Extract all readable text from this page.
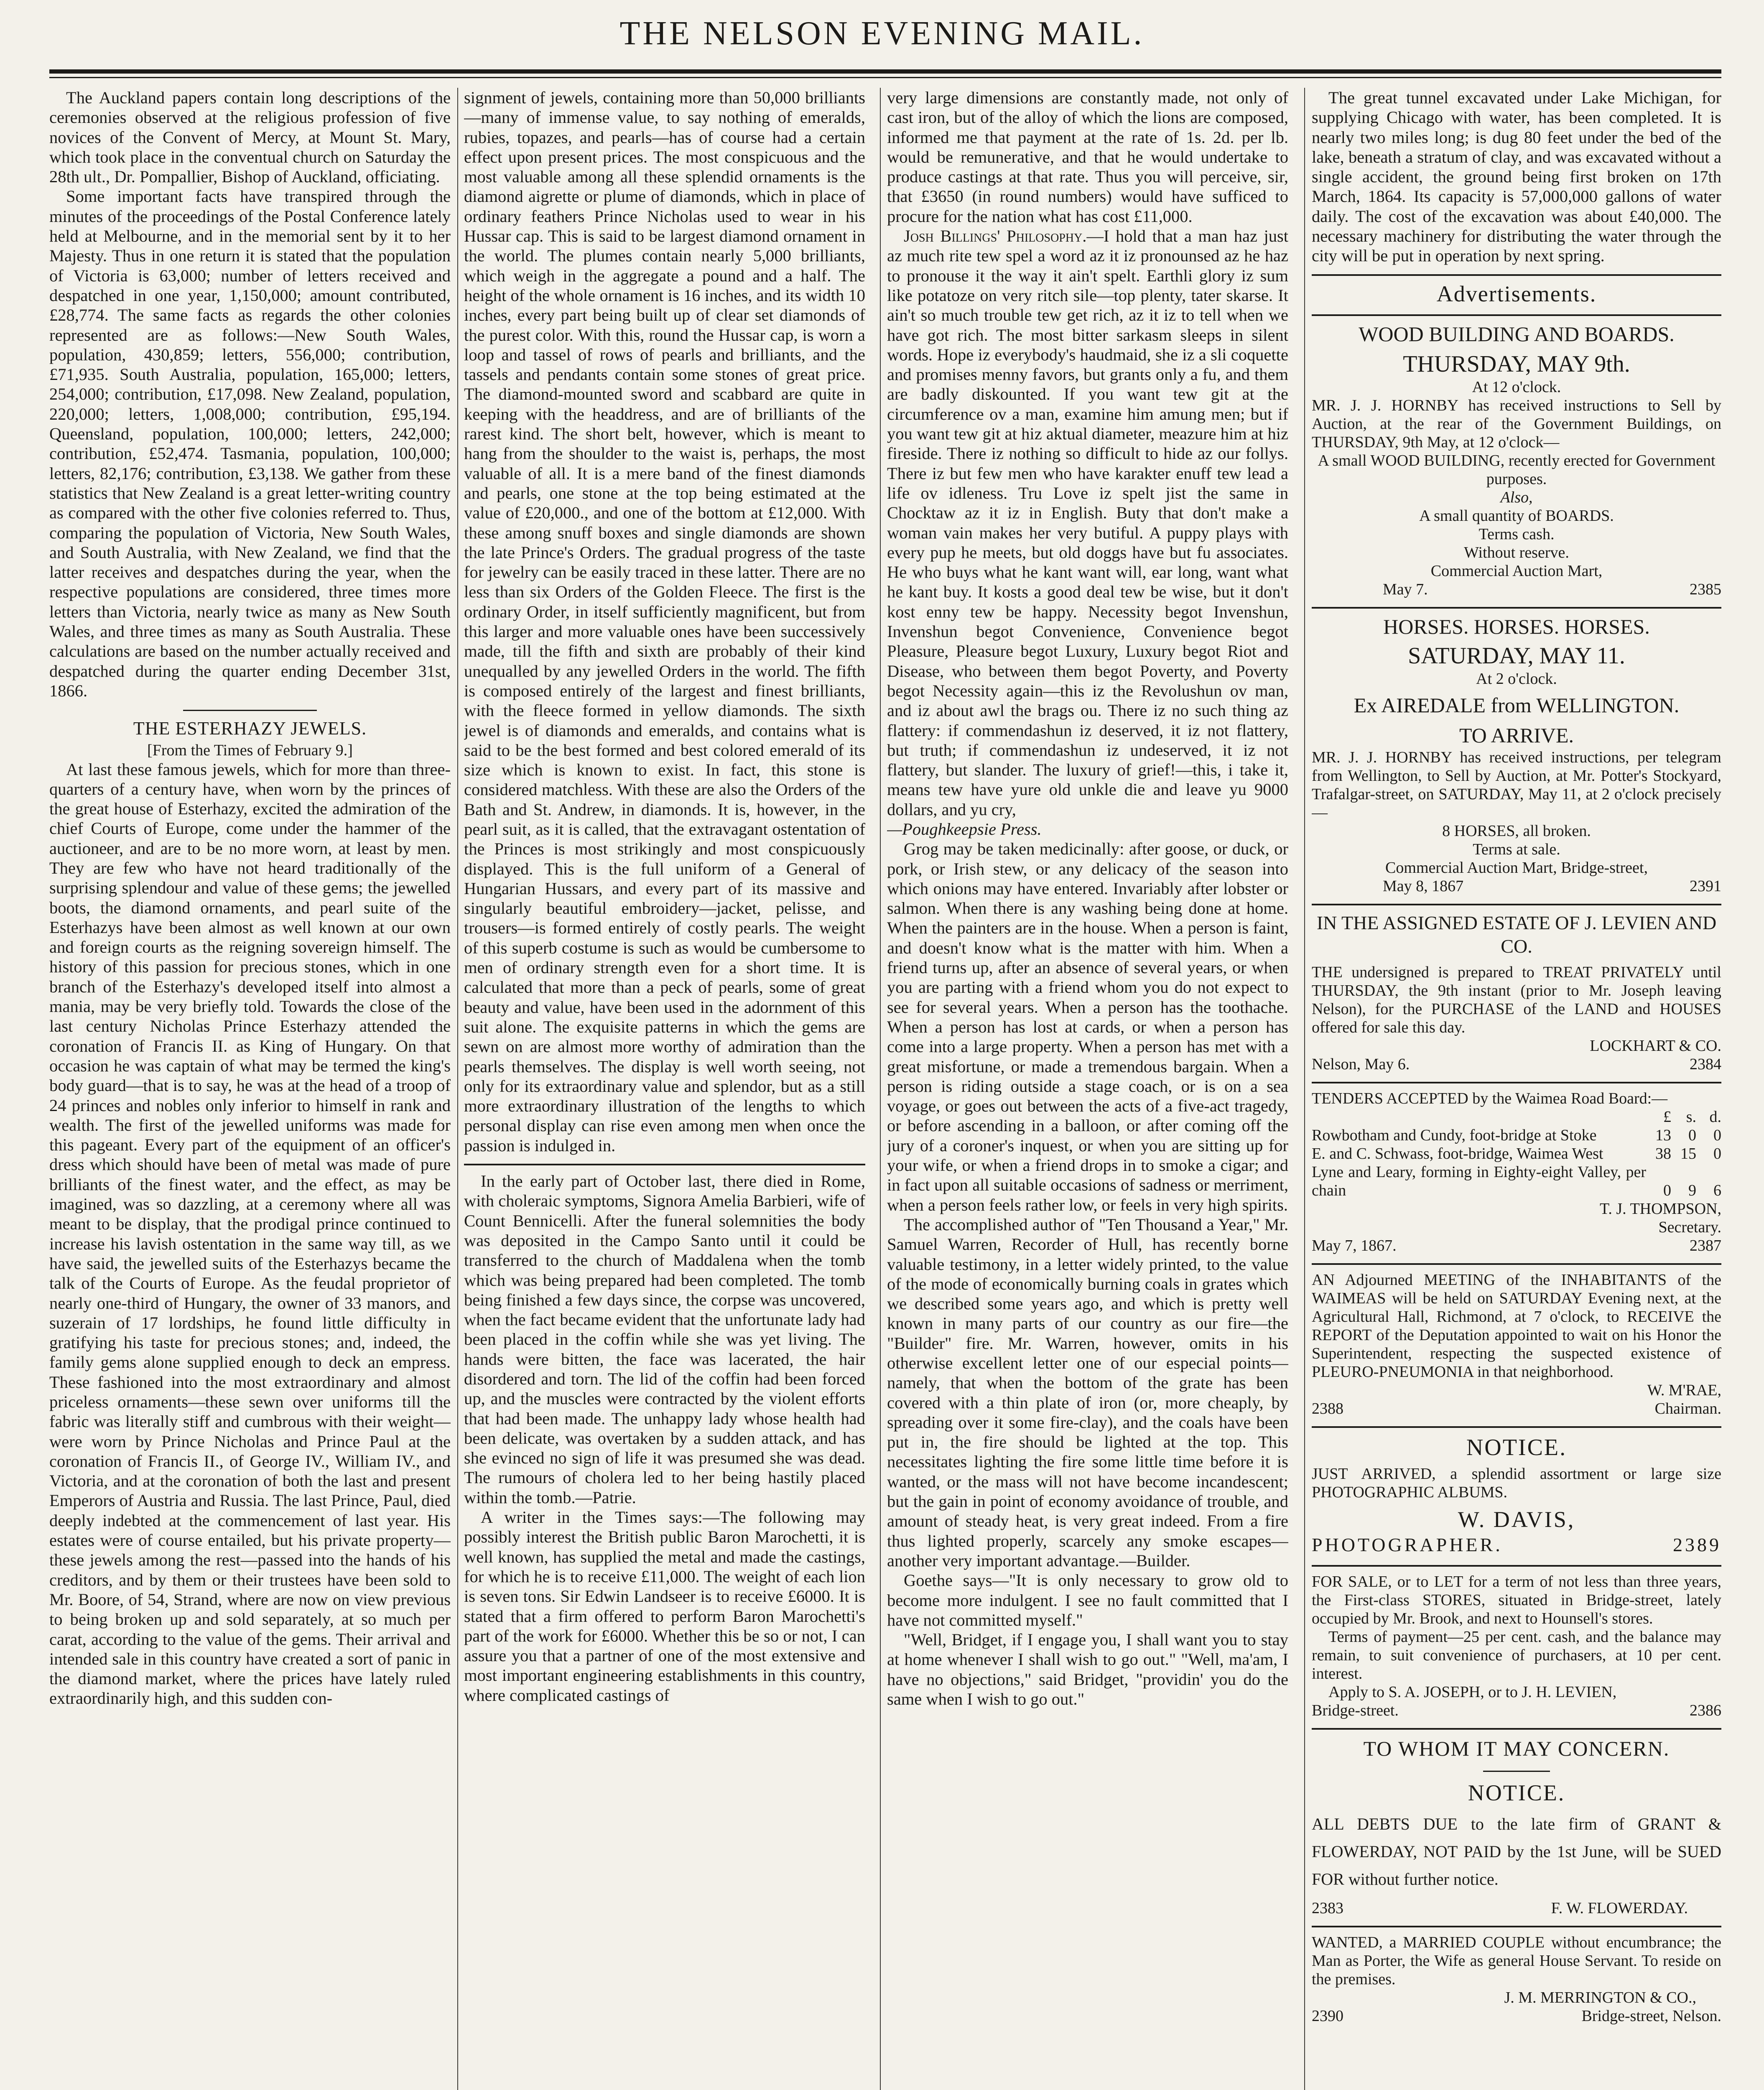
THE NELSON EVENING MAIL.

The Auckland papers contain long descriptions of the ceremonies observed at the religious profession of five novices of the Convent of Mercy, at Mount St. Mary, which took place in the conventual church on Saturday the 28th ult., Dr. Pompallier, Bishop of Auckland, officiating.

Some important facts have transpired through the minutes of the proceedings of the Postal Conference lately held at Melbourne, and in the memorial sent by it to her Majesty. Thus in one return it is stated that the population of Victoria is 63,000; number of letters received and despatched in one year, 1,150,000; amount contributed, £28,774. The same facts as regards the other colonies represented are as follows:—New South Wales, population, 430,859; letters, 556,000; contribution, £71,935. South Australia, population, 165,000; letters, 254,000; contribution, £17,098. New Zealand, population, 220,000; letters, 1,008,000; contribution, £95,194. Queensland, population, 100,000; letters, 242,000; contribution, £52,474. Tasmania, population, 100,000; letters, 82,176; contribution, £3,138. We gather from these statistics that New Zealand is a great letter-writing country as compared with the other five colonies referred to. Thus, comparing the population of Victoria, New South Wales, and South Australia, with New Zealand, we find that the latter receives and despatches during the year, when the respective populations are considered, three times more letters than Victoria, nearly twice as many as New South Wales, and three times as many as South Australia. These calculations are based on the number actually received and despatched during the quarter ending December 31st, 1866.

THE ESTERHAZY JEWELS.

[From the Times of February 9.]

At last these famous jewels, which for more than three-quarters of a century have, when worn by the princes of the great house of Esterhazy, excited the admiration of the chief Courts of Europe, come under the hammer of the auctioneer, and are to be no more worn, at least by men. They are few who have not heard traditionally of the surprising splendour and value of these gems; the jewelled boots, the diamond ornaments, and pearl suite of the Esterhazys have been almost as well known at our own and foreign courts as the reigning sovereign himself. The history of this passion for precious stones, which in one branch of the Esterhazy's developed itself into almost a mania, may be very briefly told. Towards the close of the last century Nicholas Prince Esterhazy attended the coronation of Francis II. as King of Hungary. On that occasion he was captain of what may be termed the king's body guard—that is to say, he was at the head of a troop of 24 princes and nobles only inferior to himself in rank and wealth. The first of the jewelled uniforms was made for this pageant. Every part of the equipment of an officer's dress which should have been of metal was made of pure brilliants of the finest water, and the effect, as may be imagined, was so dazzling, at a ceremony where all was meant to be display, that the prodigal prince continued to increase his lavish ostentation in the same way till, as we have said, the jewelled suits of the Esterhazys became the talk of the Courts of Europe. As the feudal proprietor of nearly one-third of Hungary, the owner of 33 manors, and suzerain of 17 lordships, he found little difficulty in gratifying his taste for precious stones; and, indeed, the family gems alone supplied enough to deck an empress. These fashioned into the most extraordinary and almost priceless ornaments—these sewn over uniforms till the fabric was literally stiff and cumbrous with their weight—were worn by Prince Nicholas and Prince Paul at the coronation of Francis II., of George IV., William IV., and Victoria, and at the coronation of both the last and present Emperors of Austria and Russia. The last Prince, Paul, died deeply indebted at the commencement of last year. His estates were of course entailed, but his private property—these jewels among the rest—passed into the hands of his creditors, and by them or their trustees have been sold to Mr. Boore, of 54, Strand, where are now on view previous to being broken up and sold separately, at so much per carat, according to the value of the gems. Their arrival and intended sale in this country have created a sort of panic in the diamond market, where the prices have lately ruled extraordinarily high, and this sudden con-

signment of jewels, containing more than 50,000 brilliants—many of immense value, to say nothing of emeralds, rubies, topazes, and pearls—has of course had a certain effect upon present prices. The most conspicuous and the most valuable among all these splendid ornaments is the diamond aigrette or plume of diamonds, which in place of ordinary feathers Prince Nicholas used to wear in his Hussar cap. This is said to be largest diamond ornament in the world. The plumes contain nearly 5,000 brilliants, which weigh in the aggregate a pound and a half. The height of the whole ornament is 16 inches, and its width 10 inches, every part being built up of clear set diamonds of the purest color. With this, round the Hussar cap, is worn a loop and tassel of rows of pearls and brilliants, and the tassels and pendants contain some stones of great price. The diamond-mounted sword and scabbard are quite in keeping with the headdress, and are of brilliants of the rarest kind. The short belt, however, which is meant to hang from the shoulder to the waist is, perhaps, the most valuable of all. It is a mere band of the finest diamonds and pearls, one stone at the top being estimated at the value of £20,000., and one of the bottom at £12,000. With these among snuff boxes and single diamonds are shown the late Prince's Orders. The gradual progress of the taste for jewelry can be easily traced in these latter. There are no less than six Orders of the Golden Fleece. The first is the ordinary Order, in itself sufficiently magnificent, but from this larger and more valuable ones have been successively made, till the fifth and sixth are probably of their kind unequalled by any jewelled Orders in the world. The fifth is composed entirely of the largest and finest brilliants, with the fleece formed in yellow diamonds. The sixth jewel is of diamonds and emeralds, and contains what is said to be the best formed and best colored emerald of its size which is known to exist. In fact, this stone is considered matchless. With these are also the Orders of the Bath and St. Andrew, in diamonds. It is, however, in the pearl suit, as it is called, that the extravagant ostentation of the Princes is most strikingly and most conspicuously displayed. This is the full uniform of a General of Hungarian Hussars, and every part of its massive and singularly beautiful embroidery—jacket, pelisse, and trousers—is formed entirely of costly pearls. The weight of this superb costume is such as would be cumbersome to men of ordinary strength even for a short time. It is calculated that more than a peck of pearls, some of great beauty and value, have been used in the adornment of this suit alone. The exquisite patterns in which the gems are sewn on are almost more worthy of admiration than the pearls themselves. The display is well worth seeing, not only for its extraordinary value and splendor, but as a still more extraordinary illustration of the lengths to which personal display can rise even among men when once the passion is indulged in.

In the early part of October last, there died in Rome, with choleraic symptoms, Signora Amelia Barbieri, wife of Count Bennicelli. After the funeral solemnities the body was deposited in the Campo Santo until it could be transferred to the church of Maddalena when the tomb which was being prepared had been completed. The tomb being finished a few days since, the corpse was uncovered, when the fact became evident that the unfortunate lady had been placed in the coffin while she was yet living. The hands were bitten, the face was lacerated, the hair disordered and torn. The lid of the coffin had been forced up, and the muscles were contracted by the violent efforts that had been made. The unhappy lady whose health had been delicate, was overtaken by a sudden attack, and has she evinced no sign of life it was presumed she was dead. The rumours of cholera led to her being hastily placed within the tomb.—Patrie.

A writer in the Times says:—The following may possibly interest the British public Baron Marochetti, it is well known, has supplied the metal and made the castings, for which he is to receive £11,000. The weight of each lion is seven tons. Sir Edwin Landseer is to receive £6000. It is stated that a firm offered to perform Baron Marochetti's part of the work for £6000. Whether this be so or not, I can assure you that a partner of one of the most extensive and most important engineering establishments in this country, where complicated castings of

very large dimensions are constantly made, not only of cast iron, but of the alloy of which the lions are composed, informed me that payment at the rate of 1s. 2d. per lb. would be remunerative, and that he would undertake to produce castings at that rate. Thus you will perceive, sir, that £3650 (in round numbers) would have sufficed to procure for the nation what has cost £11,000.

Josh Billings' Philosophy.—I hold that a man haz just az much rite tew spel a word az it iz pronounsed az he haz to pronouse it the way it ain't spelt. Earthli glory iz sum like potatoze on very ritch sile—top plenty, tater skarse. It ain't so much trouble tew get rich, az it iz to tell when we have got rich. The most bitter sarkasm sleeps in silent words. Hope iz everybody's haudmaid, she iz a sli coquette and promises menny favors, but grants only a fu, and them are badly diskounted. If you want tew git at the circumference ov a man, examine him amung men; but if you want tew git at hiz aktual diameter, meazure him at hiz fireside. There iz nothing so difficult to hide az our follys. There iz but few men who have karakter enuff tew lead a life ov idleness. Tru Love iz spelt jist the same in Chocktaw az it iz in English. Buty that don't make a woman vain makes her very butiful. A puppy plays with every pup he meets, but old doggs have but fu associates. He who buys what he kant want will, ear long, want what he kant buy. It kosts a good deal tew be wise, but it don't kost enny tew be happy. Necessity begot Invenshun, Invenshun begot Convenience, Convenience begot Pleasure, Pleasure begot Luxury, Luxury begot Riot and Disease, who between them begot Poverty, and Poverty begot Necessity again—this iz the Revolushun ov man, and iz about awl the brags ou. There iz no such thing az flattery: if commendashun iz deserved, it iz not flattery, but truth; if commendashun iz undeserved, it iz not flattery, but slander. The luxury of grief!—this, i take it, means tew have yure old unkle die and leave yu 9000 dollars, and yu cry,

—Poughkeepsie Press.

Grog may be taken medicinally: after goose, or duck, or pork, or Irish stew, or any delicacy of the season into which onions may have entered. Invariably after lobster or salmon. When there is any washing being done at home. When the painters are in the house. When a person is faint, and doesn't know what is the matter with him. When a friend turns up, after an absence of several years, or when you are parting with a friend whom you do not expect to see for several years. When a person has the toothache. When a person has lost at cards, or when a person has come into a large property. When a person has met with a great misfortune, or made a tremendous bargain. When a person is riding outside a stage coach, or is on a sea voyage, or goes out between the acts of a five-act tragedy, or before ascending in a balloon, or after coming off the jury of a coroner's inquest, or when you are sitting up for your wife, or when a friend drops in to smoke a cigar; and in fact upon all suitable occasions of sadness or merriment, when a person feels rather low, or feels in very high spirits.

The accomplished author of "Ten Thousand a Year," Mr. Samuel Warren, Recorder of Hull, has recently borne valuable testimony, in a letter widely printed, to the value of the mode of economically burning coals in grates which we described some years ago, and which is pretty well known in many parts of our country as our fire—the "Builder" fire. Mr. Warren, however, omits in his otherwise excellent letter one of our especial points—namely, that when the bottom of the grate has been covered with a thin plate of iron (or, more cheaply, by spreading over it some fire-clay), and the coals have been put in, the fire should be lighted at the top. This necessitates lighting the fire some little time before it is wanted, or the mass will not have become incandescent; but the gain in point of economy avoidance of trouble, and amount of steady heat, is very great indeed. From a fire thus lighted properly, scarcely any smoke escapes—another very important advantage.—Builder.

Goethe says—"It is only necessary to grow old to become more indulgent. I see no fault committed that I have not committed myself."

"Well, Bridget, if I engage you, I shall want you to stay at home whenever I shall wish to go out." "Well, ma'am, I have no objections," said Bridget, "providin' you do the same when I wish to go out."

The great tunnel excavated under Lake Michigan, for supplying Chicago with water, has been completed. It is nearly two miles long; is dug 80 feet under the bed of the lake, beneath a stratum of clay, and was excavated without a single accident, the ground being first broken on 17th March, 1864. Its capacity is 57,000,000 gallons of water daily. The cost of the excavation was about £40,000. The necessary machinery for distributing the water through the city will be put in operation by next spring.

Advertisements.

WOOD BUILDING AND BOARDS.

THURSDAY, MAY 9th.

At 12 o'clock.

MR. J. J. HORNBY has received instructions to Sell by Auction, at the rear of the Government Buildings, on THURSDAY, 9th May, at 12 o'clock—

A small WOOD BUILDING, recently erected for Government purposes.

Also,

A small quantity of BOARDS.

Terms cash.

Without reserve.

Commercial Auction Mart,

May 7.	2385

HORSES. HORSES. HORSES.

SATURDAY, MAY 11.

At 2 o'clock.

Ex AIREDALE from WELLINGTON.

TO ARRIVE.

MR. J. J. HORNBY has received instructions, per telegram from Wellington, to Sell by Auction, at Mr. Potter's Stockyard, Trafalgar-street, on SATURDAY, May 11, at 2 o'clock precisely—

8 HORSES, all broken.

Terms at sale.

Commercial Auction Mart, Bridge-street,

May 8, 1867	2391

IN THE ASSIGNED ESTATE OF J. LEVIEN AND CO.

THE undersigned is prepared to TREAT PRIVATELY until THURSDAY, the 9th instant (prior to Mr. Joseph leaving Nelson), for the PURCHASE of the LAND and HOUSES offered for sale this day.

LOCKHART & CO.

Nelson, May 6.	2384

TENDERS ACCEPTED by the Waimea Road Board:—

	£	s.	d.
Rowbotham and Cundy, foot-bridge at Stoke	13	0	0
E. and C. Schwass, foot-bridge, Waimea West	38	15	0
Lyne and Leary, forming in Eighty-eight Valley, per chain	0	9	6

T. J. THOMPSON,

Secretary.

May 7, 1867.	2387

AN Adjourned MEETING of the INHABITANTS of the WAIMEAS will be held on SATURDAY Evening next, at the Agricultural Hall, Richmond, at 7 o'clock, to RECEIVE the REPORT of the Deputation appointed to wait on his Honor the Superintendent, respecting the suspected existence of PLEURO-PNEUMONIA in that neighborhood.

W. M'RAE,

2388	Chairman.

NOTICE.

JUST ARRIVED, a splendid assortment or large size PHOTOGRAPHIC ALBUMS.

W. DAVIS,

PHOTOGRAPHER.	2389

FOR SALE, or to LET for a term of not less than three years, the First-class STORES, situated in Bridge-street, lately occupied by Mr. Brook, and next to Hounsell's stores.

Terms of payment—25 per cent. cash, and the balance may remain, to suit convenience of purchasers, at 10 per cent. interest.

Apply to S. A. JOSEPH, or to J. H. LEVIEN,

Bridge-street.	2386

TO WHOM IT MAY CONCERN.

NOTICE.

ALL DEBTS DUE to the late firm of GRANT & FLOWERDAY, NOT PAID by the 1st June, will be SUED FOR without further notice.

2383	F. W. FLOWERDAY.

WANTED, a MARRIED COUPLE without encumbrance; the Man as Porter, the Wife as general House Servant. To reside on the premises.

J. M. MERRINGTON & CO.,

2390	Bridge-street, Nelson.
